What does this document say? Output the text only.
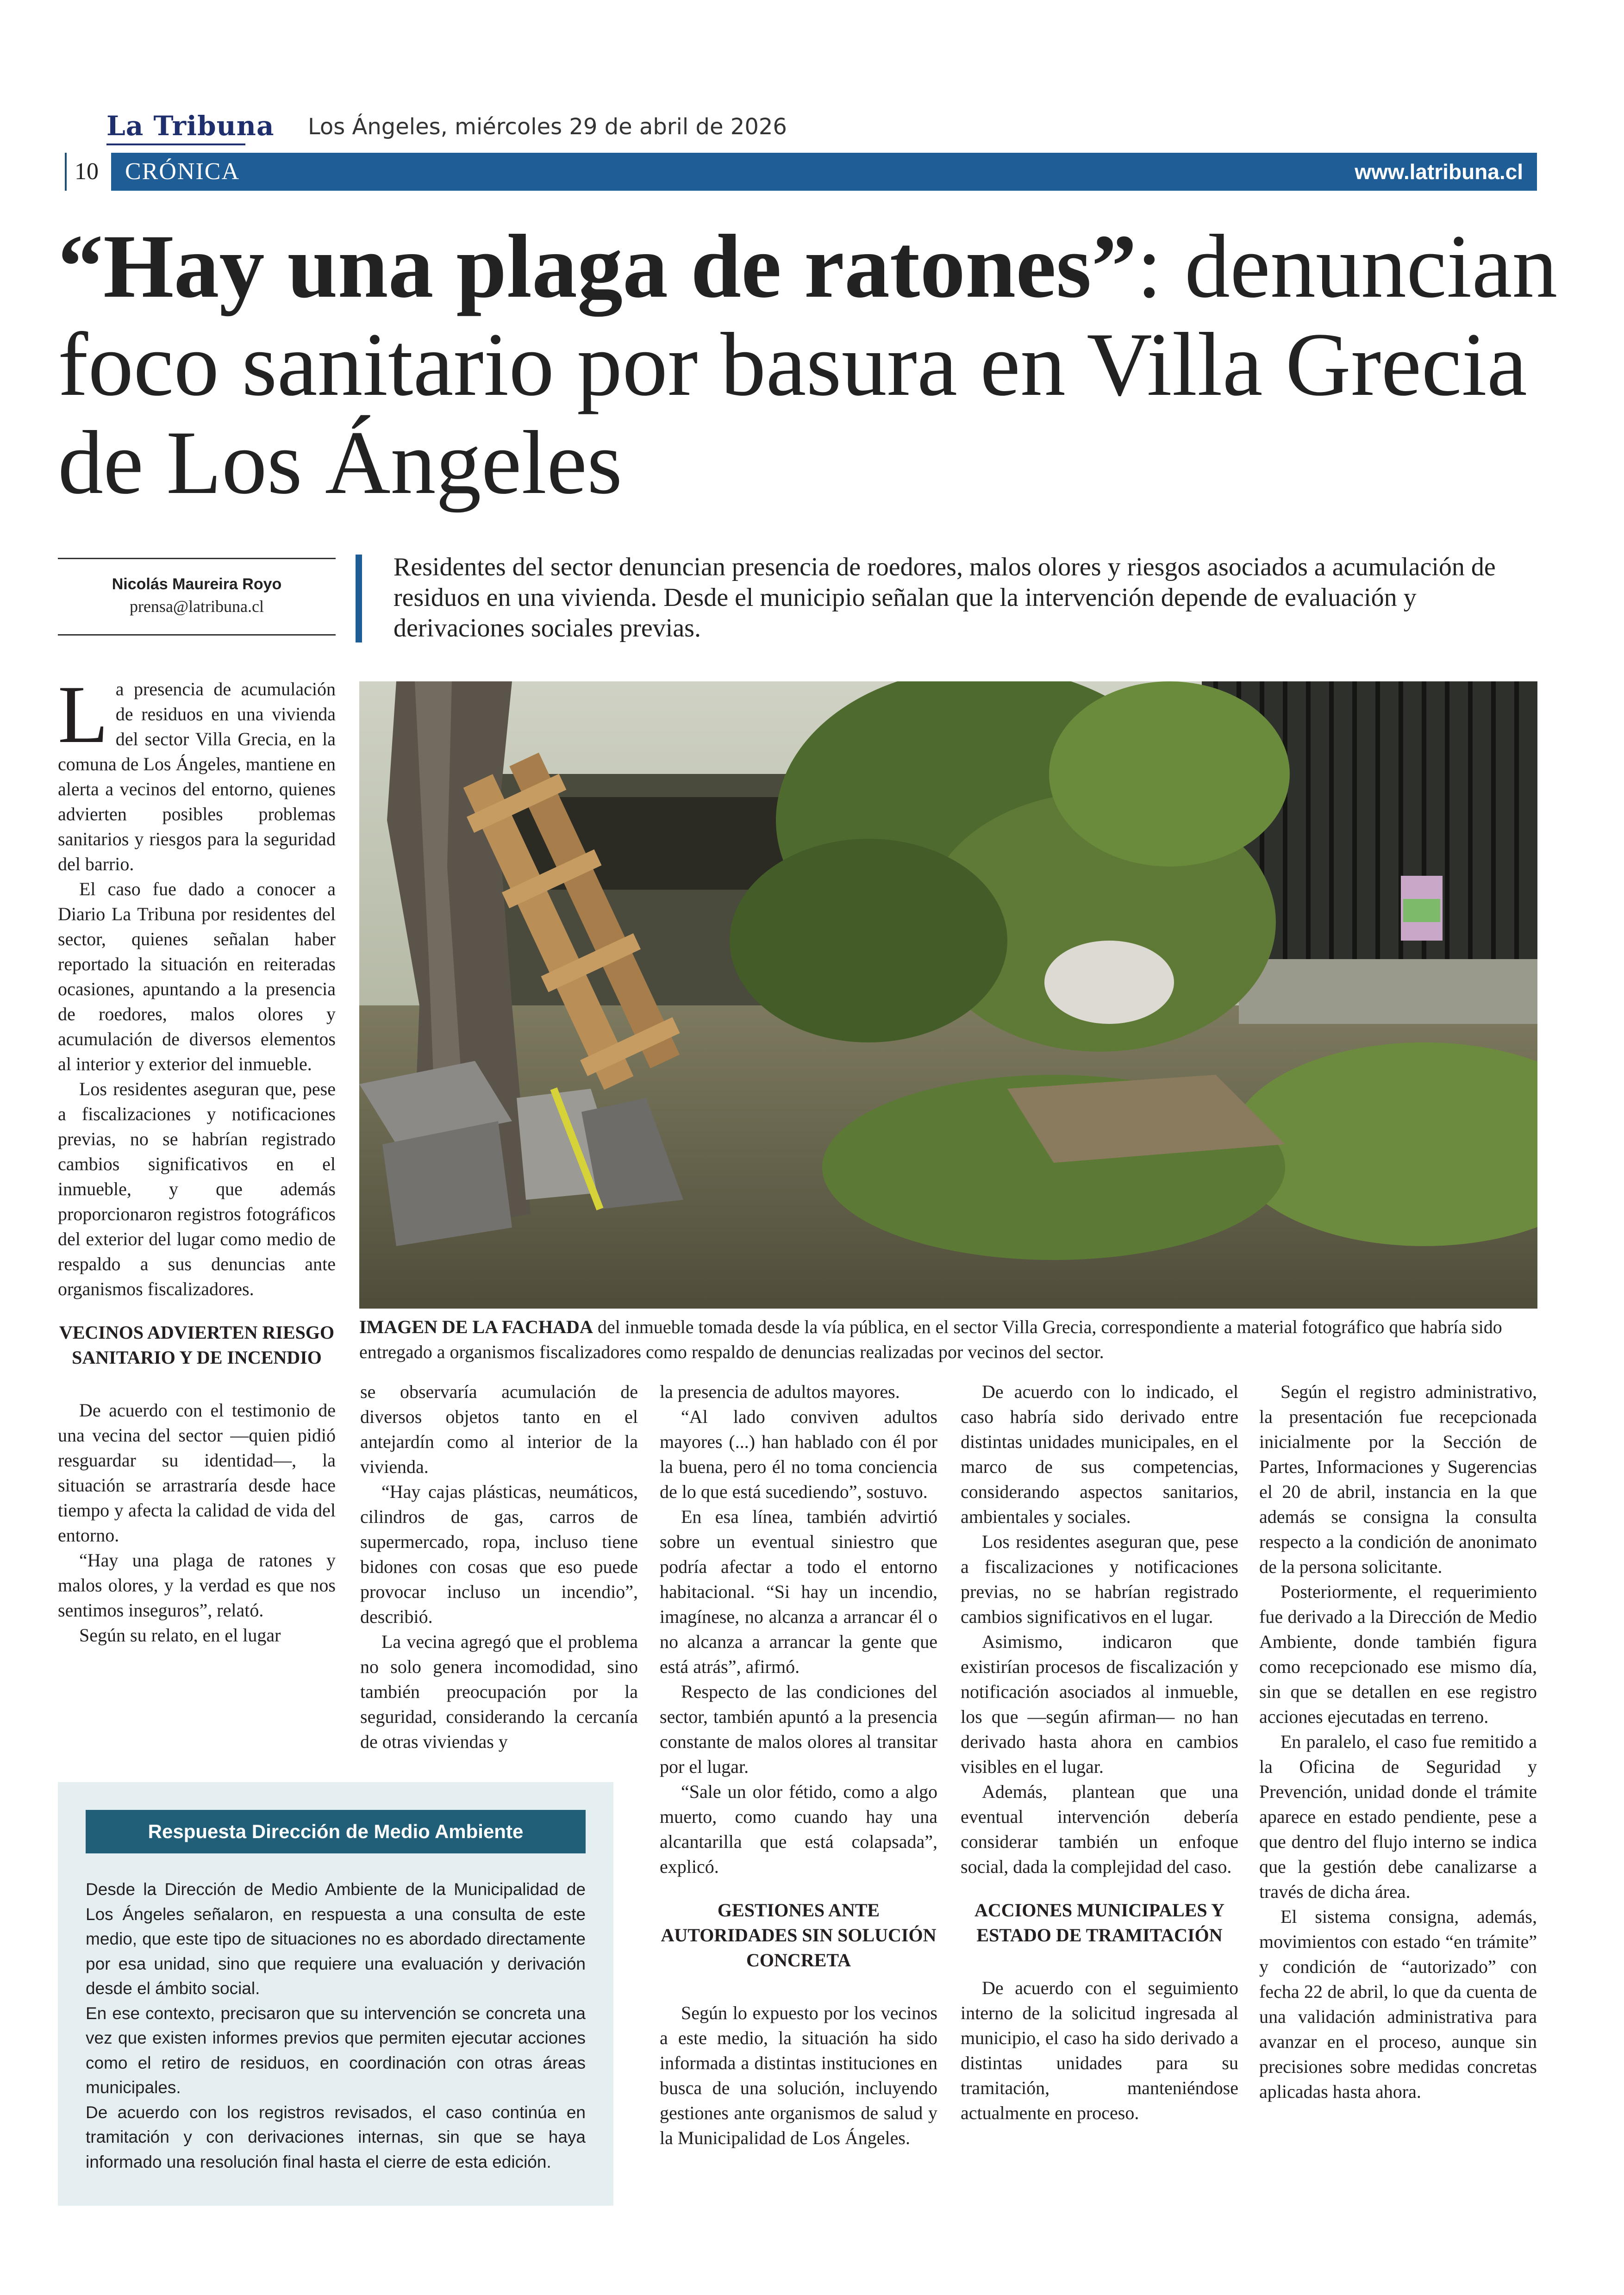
La Tribuna Los Ángeles, miércoles 29 de abril de 2026
10	CRÓNICA	www.latribuna.cl
“Hay una plaga de ratones”: denuncian foco sanitario por basura en Villa Grecia de Los Ángeles
Nicolás Maureira Royo
prensa@latribuna.cl
Residentes del sector denuncian presencia de roedores, malos olores y riesgos asociados a acumulación de residuos en una vivienda. Desde el municipio señalan que la intervención depende de evaluación y derivaciones sociales previas.
IMAGEN DE LA FACHADA del inmueble tomada desde la vía pública, en el sector Villa Grecia, correspondiente a material fotográfico que habría sido entregado a organismos fiscalizadores como respaldo de denuncias realizadas por vecinos del sector.
L a presencia de acumulación de residuos en una vivienda del sector Villa Grecia, en la comuna de Los Ángeles, mantiene en alerta a vecinos del entorno, quienes advierten posibles problemas sanitarios y riesgos para la seguridad del barrio.

El caso fue dado a conocer a Diario La Tribuna por residentes del sector, quienes señalan haber reportado la situación en reiteradas ocasiones, apuntando a la presencia de roedores, malos olores y acumulación de diversos elementos al interior y exterior del inmueble.

Los residentes aseguran que, pese a fiscalizaciones y notificaciones previas, no se habrían registrado cambios significativos en el inmueble, y que además proporcionaron registros fotográficos del exterior del lugar como medio de respaldo a sus denuncias ante organismos fiscalizadores.

VECINOS ADVIERTEN RIESGO SANITARIO Y DE INCENDIO

De acuerdo con el testimonio de una vecina del sector —quien pidió resguardar su identidad—, la situación se arrastraría desde hace tiempo y afecta la calidad de vida del entorno.

“Hay una plaga de ratones y malos olores, y la verdad es que nos sentimos inseguros”, relató.

Según su relato, en el lugar

se observaría acumulación de diversos objetos tanto en el antejardín como al interior de la vivienda.

“Hay cajas plásticas, neumáticos, cilindros de gas, carros de supermercado, ropa, incluso tiene bidones con cosas que eso puede provocar incluso un incendio”, describió.

La vecina agregó que el problema no solo genera incomodidad, sino también preocupación por la seguridad, considerando la cercanía de otras viviendas y

la presencia de adultos mayores.

“Al lado conviven adultos mayores (...) han hablado con él por la buena, pero él no toma conciencia de lo que está sucediendo”, sostuvo.

En esa línea, también advirtió sobre un eventual siniestro que podría afectar a todo el entorno habitacional. “Si hay un incendio, imagínese, no alcanza a arrancar él o no alcanza a arrancar la gente que está atrás”, afirmó.

Respecto de las condiciones del sector, también apuntó a la presencia constante de malos olores al transitar por el lugar.

“Sale un olor fétido, como a algo muerto, como cuando hay una alcantarilla que está colapsada”, explicó.

GESTIONES ANTE AUTORIDADES SIN SOLUCIÓN CONCRETA

Según lo expuesto por los vecinos a este medio, la situación ha sido informada a distintas instituciones en busca de una solución, incluyendo gestiones ante organismos de salud y la Municipalidad de Los Ángeles.

De acuerdo con lo indicado, el caso habría sido derivado entre distintas unidades municipales, en el marco de sus competencias, considerando aspectos sanitarios, ambientales y sociales.

Los residentes aseguran que, pese a fiscalizaciones y notificaciones previas, no se habrían registrado cambios significativos en el lugar.

Asimismo, indicaron que existirían procesos de fiscalización y notificación asociados al inmueble, los que —según afirman— no han derivado hasta ahora en cambios visibles en el lugar.

Además, plantean que una eventual intervención debería considerar también un enfoque social, dada la complejidad del caso.

ACCIONES MUNICIPALES Y ESTADO DE TRAMITACIÓN

De acuerdo con el seguimiento interno de la solicitud ingresada al municipio, el caso ha sido derivado a distintas unidades para su tramitación, manteniéndose actualmente en proceso.

Según el registro administrativo, la presentación fue recepcionada inicialmente por la Sección de Partes, Informaciones y Sugerencias el 20 de abril, instancia en la que además se consigna la consulta respecto a la condición de anonimato de la persona solicitante.

Posteriormente, el requerimiento fue derivado a la Dirección de Medio Ambiente, donde también figura como recepcionado ese mismo día, sin que se detallen en ese registro acciones ejecutadas en terreno.

En paralelo, el caso fue remitido a la Oficina de Seguridad y Prevención, unidad donde el trámite aparece en estado pendiente, pese a que dentro del flujo interno se indica que la gestión debe canalizarse a través de dicha área.

El sistema consigna, además, movimientos con estado “en trámite” y condición de “autorizado” con fecha 22 de abril, lo que da cuenta de una validación administrativa para avanzar en el proceso, aunque sin precisiones sobre medidas concretas aplicadas hasta ahora.

Respuesta Dirección de Medio Ambiente

Desde la Dirección de Medio Ambiente de la Municipalidad de Los Ángeles señalaron, en respuesta a una consulta de este medio, que este tipo de situaciones no es abordado directamente por esa unidad, sino que requiere una evaluación y derivación desde el ámbito social.

En ese contexto, precisaron que su intervención se concreta una vez que existen informes previos que permiten ejecutar acciones como el retiro de residuos, en coordinación con otras áreas municipales.

De acuerdo con los registros revisados, el caso continúa en tramitación y con derivaciones internas, sin que se haya informado una resolución final hasta el cierre de esta edición.
